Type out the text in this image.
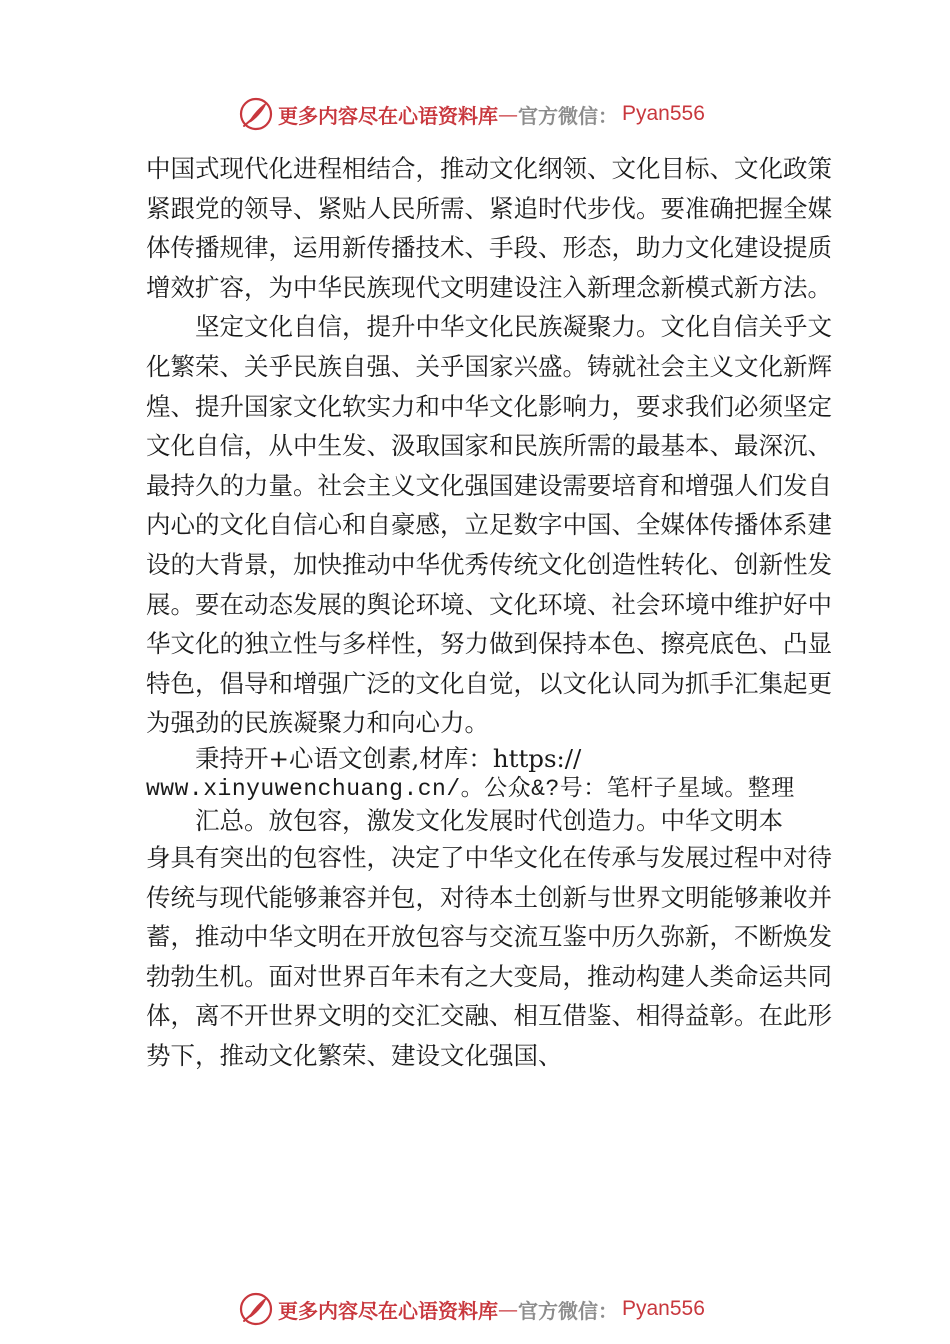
更多内容尽在心语资料库 — 官方微信： Pyan556

中国式现代化进程相结合，推动文化纲领、文化目标、文化政策紧跟党的领导、紧贴人民所需、紧追时代步伐。要准确把握全媒体传播规律，运用新传播技术、手段、形态，助力文化建设提质增效扩容，为中华民族现代文明建设注入新理念新模式新方法。

坚定文化自信，提升中华文化民族凝聚力。文化自信关乎文化繁荣、关乎民族自强、关乎国家兴盛。铸就社会主义文化新辉煌、提升国家文化软实力和中华文化影响力，要求我们必须坚定文化自信，从中生发、汲取国家和民族所需的最基本、最深沉、最持久的力量。社会主义文化强国建设需要培育和增强人们发自内心的文化自信心和自豪感，立足数字中国、全媒体传播体系建设的大背景，加快推动中华优秀传统文化创造性转化、创新性发展。要在动态发展的舆论环境、文化环境、社会环境中维护好中华文化的独立性与多样性，努力做到保持本色、擦亮底色、凸显特色，倡导和增强广泛的文化自觉，以文化认同为抓手汇集起更为强劲的民族凝聚力和向心力。

秉持开+心语文创素,材库：https://
www.xinyuwenchuang.cn/。公众&?号：笔杆子星域。整理
汇总。放包容，激发文化发展时代创造力。中华文明本

身具有突出的包容性，决定了中华文化在传承与发展过程中对待传统与现代能够兼容并包，对待本土创新与世界文明能够兼收并蓄，推动中华文明在开放包容与交流互鉴中历久弥新，不断焕发勃勃生机。面对世界百年未有之大变局，推动构建人类命运共同体，离不开世界文明的交汇交融、相互借鉴、相得益彰。在此形势下，推动文化繁荣、建设文化强国、

更多内容尽在心语资料库 — 官方微信： Pyan556
